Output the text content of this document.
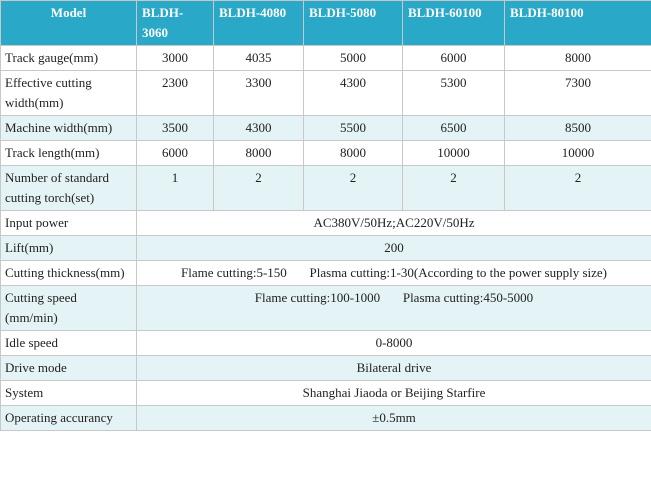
Model	BLDH-3060	BLDH-4080	BLDH-5080	BLDH-60100	BLDH-80100
Track gauge(mm)	3000	4035	5000	6000	8000
Effective cutting width(mm)	2300	3300	4300	5300	7300
Machine width(mm)	3500	4300	5500	6500	8500
Track length(mm)	6000	8000	8000	10000	10000
Number of standard cutting torch(set)	1	2	2	2	2
Input power	AC380V/50Hz;AC220V/50Hz				
Lift(mm)	200				
Cutting thickness(mm)	Flame cutting:5-150       Plasma cutting:1-30(According to the power supply size)				
Cutting speed (mm/min)	Flame cutting:100-1000       Plasma cutting:450-5000				
Idle speed	0-8000				
Drive mode	Bilateral drive				
System	Shanghai Jiaoda or Beijing Starfire				
Operating accurancy	±0.5mm				
